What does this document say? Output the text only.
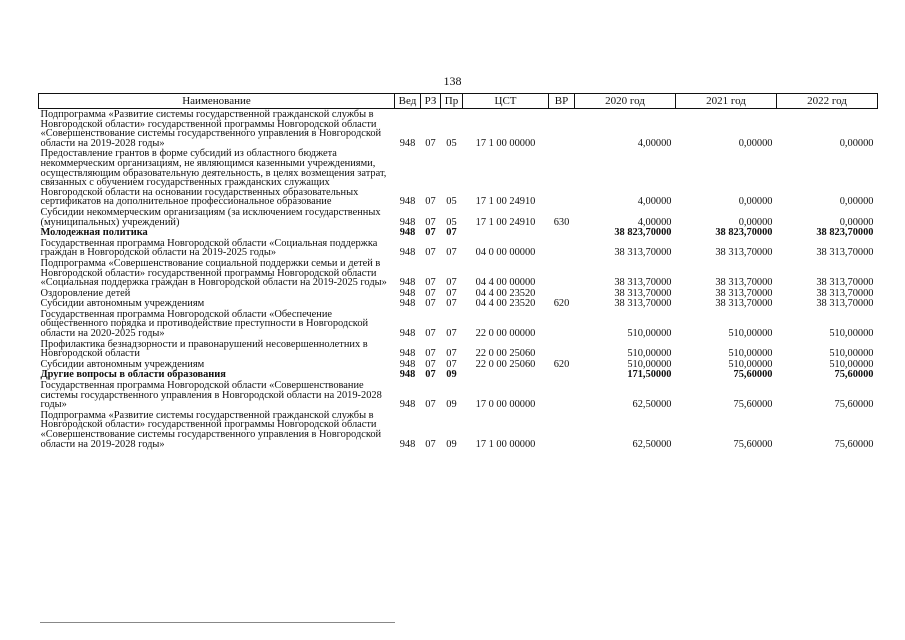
138
Наименование	Вед	РЗ	Пр	ЦСТ	ВР	2020 год	2021 год	2022 год
Подпрограмма «Развитие системы государственной гражданской службы в Новгородской области» государственной программы Новгородской области «Совершенствование системы государственного управления в Новгородской области на 2019-2028 годы»	948	07	05	17 1 00 00000		4,00000	0,00000	0,00000
Предоставление грантов в форме субсидий из областного бюджета некоммерческим организациям, не являющимся казенными учреждениями, осуществляющим образовательную деятельность, в целях возмещения затрат, связанных с обучением государственных гражданских служащих Новгородской области на основании государственных образовательных сертификатов на дополнительное профессиональное образование	948	07	05	17 1 00 24910		4,00000	0,00000	0,00000
Субсидии некоммерческим организациям (за исключением государственных (муниципальных) учреждений)	948	07	05	17 1 00 24910	630	4,00000	0,00000	0,00000
Молодежная политика	948	07	07			38 823,70000	38 823,70000	38 823,70000
Государственная программа Новгородской области «Социальная поддержка граждан в Новгородской области на 2019-2025 годы»	948	07	07	04 0 00 00000		38 313,70000	38 313,70000	38 313,70000
Подпрограмма «Совершенствование социальной поддержки семьи и детей в Новгородской области» государственной программы Новгородской области «Социальная поддержка граждан в Новгородской области на 2019-2025 годы»	948	07	07	04 4 00 00000		38 313,70000	38 313,70000	38 313,70000
Оздоровление детей	948	07	07	04 4 00 23520		38 313,70000	38 313,70000	38 313,70000
Субсидии автономным учреждениям	948	07	07	04 4 00 23520	620	38 313,70000	38 313,70000	38 313,70000
Государственная программа Новгородской области «Обеспечение общественного порядка и противодействие преступности в Новгородской области на 2020-2025 годы»	948	07	07	22 0 00 00000		510,00000	510,00000	510,00000
Профилактика безнадзорности и правонарушений несовершеннолетних в Новгородской области	948	07	07	22 0 00 25060		510,00000	510,00000	510,00000
Субсидии автономным учреждениям	948	07	07	22 0 00 25060	620	510,00000	510,00000	510,00000
Другие вопросы в области образования	948	07	09			171,50000	75,60000	75,60000
Государственная программа Новгородской области «Совершенствование системы государственного управления в Новгородской области на 2019-2028 годы»	948	07	09	17 0 00 00000		62,50000	75,60000	75,60000
Подпрограмма «Развитие системы государственной гражданской службы в Новгородской области» государственной программы Новгородской области «Совершенствование системы государственного управления в Новгородской области на 2019-2028 годы»	948	07	09	17 1 00 00000		62,50000	75,60000	75,60000
